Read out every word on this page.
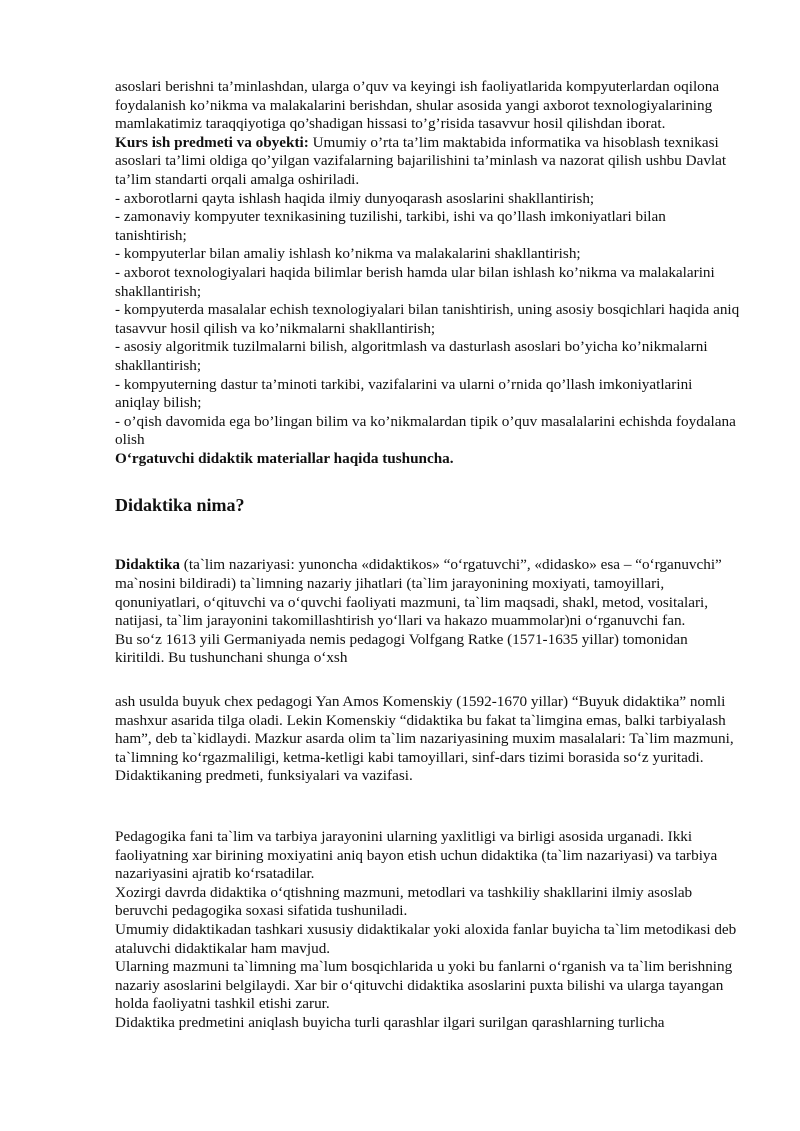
asoslari berishni ta’minlashdan, ularga o’quv va keyingi ish faoliyatlarida kompyuterlardan oqilona foydalanish ko’nikma va malakalarini berishdan, shular asosida yangi axborot texnologiyalarining mamlakatimiz taraqqiyotiga qo’shadigan hissasi to’g’risida tasavvur hosil qilishdan iborat.

Kurs ish predmeti va obyekti: Umumiy o’rta ta’lim maktabida informatika va hisoblash texnikasi asoslari ta’limi oldiga qo’yilgan vazifalarning bajarilishini ta’minlash va nazorat qilish ushbu Davlat ta’lim standarti orqali amalga oshiriladi.

- axborotlarni qayta ishlash haqida ilmiy dunyoqarash asoslarini shakllantirish;

- zamonaviy kompyuter texnikasining tuzilishi, tarkibi, ishi va qo’llash imkoniyatlari bilan tanishtirish;

- kompyuterlar bilan amaliy ishlash ko’nikma va malakalarini shakllantirish;

- axborot texnologiyalari haqida bilimlar berish hamda ular bilan ishlash ko’nikma va malakalarini shakllantirish;

- kompyuterda masalalar echish texnologiyalari bilan tanishtirish, uning asosiy bosqichlari haqida aniq tasavvur hosil qilish va ko’nikmalarni shakllantirish;

- asosiy algoritmik tuzilmalarni bilish, algoritmlash va dasturlash asoslari bo’yicha ko’nikmalarni shakllantirish;

- kompyuterning dastur ta’minoti tarkibi, vazifalarini va ularni o’rnida qo’llash imkoniyatlarini aniqlay bilish;

- o’qish davomida ega bo’lingan bilim va ko’nikmalardan tipik o’quv masalalarini echishda foydalana olish

O‘rgatuvchi didaktik materiallar haqida tushuncha.

Didaktika nima?

Didaktika (ta`lim nazariyasi: yunoncha «didaktikos» “o‘rgatuvchi”, «didasko» esa – “o‘rganuvchi” ma`nosini bildiradi) ta`limning nazariy jihatlari (ta`lim jarayonining moxiyati, tamoyillari, qonuniyatlari, o‘qituvchi va o‘quvchi faoliyati mazmuni, ta`lim maqsadi, shakl, metod, vositalari, natijasi, ta`lim jarayonini takomillashtirish yo‘llari va hakazo muammolar)ni o‘rganuvchi fan.

Bu so‘z 1613 yili Germaniyada nemis pedagogi Volfgang Ratke (1571-1635 yillar) tomonidan kiritildi. Bu tushunchani shunga o‘xsh

ash usulda buyuk chex pedagogi Yan Amos Komenskiy (1592-1670 yillar) “Buyuk didaktika” nomli mashxur asarida tilga oladi. Lekin Komenskiy “didaktika bu fakat ta`limgina emas, balki tarbiyalash ham”, deb ta`kidlaydi. Mazkur asarda olim ta`lim nazariyasining muxim masalalari: Ta`lim mazmuni, ta`limning ko‘rgazmaliligi, ketma-ketligi kabi tamoyillari, sinf-dars tizimi borasida so‘z yuritadi. Didaktikaning predmeti, funksiyalari va vazifasi.

Pedagogika fani ta`lim va tarbiya jarayonini ularning yaxlitligi va birligi asosida urganadi. Ikki faoliyatning xar birining moxiyatini aniq bayon etish uchun didaktika (ta`lim nazariyasi) va tarbiya nazariyasini ajratib ko‘rsatadilar.

Xozirgi davrda didaktika o‘qtishning mazmuni, metodlari va tashkiliy shakllarini ilmiy asoslab beruvchi pedagogika soxasi sifatida tushuniladi.

Umumiy didaktikadan tashkari xususiy didaktikalar yoki aloxida fanlar buyicha ta`lim metodikasi deb ataluvchi didaktikalar ham mavjud.

Ularning mazmuni ta`limning ma`lum bosqichlarida u yoki bu fanlarni o‘rganish va ta`lim berishning nazariy asoslarini belgilaydi. Xar bir o‘qituvchi didaktika asoslarini puxta bilishi va ularga tayangan holda faoliyatni tashkil etishi zarur.

Didaktika predmetini aniqlash buyicha turli qarashlar ilgari surilgan qarashlarning turlicha
